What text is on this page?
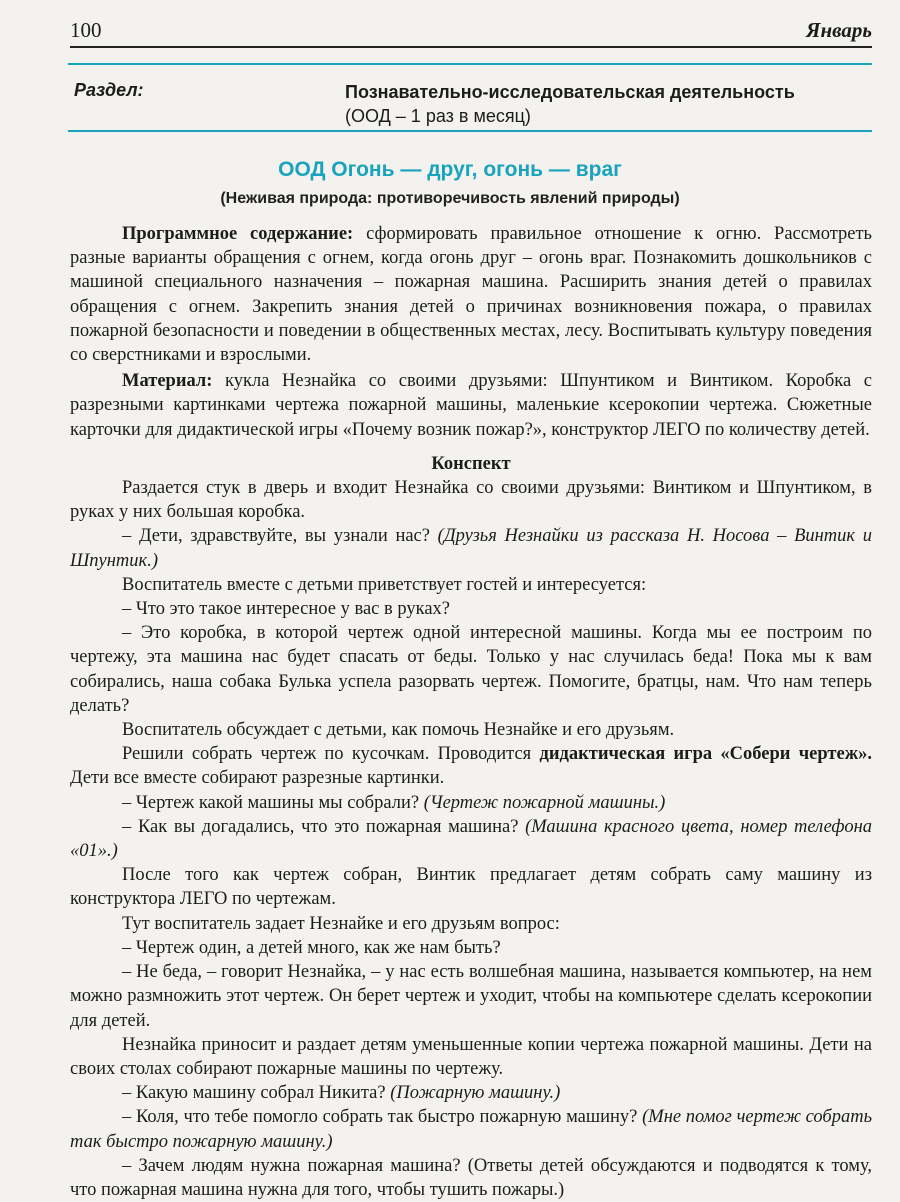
100	Январь
Раздел:	Познавательно-исследовательская деятельность
(ООД – 1 раз в месяц)
ООД Огонь — друг, огонь — враг
(Неживая природа: противоречивость явлений природы)

Программное содержание: сформировать правильное отношение к огню. Рассмотреть разные варианты обращения с огнем, когда огонь друг – огонь враг. Познакомить дошкольников с машиной специального назначения – пожарная машина. Расширить знания детей о правилах обращения с огнем. Закрепить знания детей о причинах возникновения пожара, о правилах пожарной безопасности и поведении в общественных местах, лесу. Воспитывать культуру поведения со сверстниками и взрослыми.

Материал: кукла Незнайка со своими друзьями: Шпунтиком и Винтиком. Коробка с разрезными картинками чертежа пожарной машины, маленькие ксерокопии чертежа. Сюжетные карточки для дидактической игры «Почему возник пожар?», конструктор ЛЕГО по количеству детей.

Конспект

Раздается стук в дверь и входит Незнайка со своими друзьями: Винтиком и Шпунтиком, в руках у них большая коробка.

– Дети, здравствуйте, вы узнали нас? (Друзья Незнайки из рассказа Н. Носова – Винтик и Шпунтик.)

Воспитатель вместе с детьми приветствует гостей и интересуется:

– Что это такое интересное у вас в руках?

– Это коробка, в которой чертеж одной интересной машины. Когда мы ее построим по чертежу, эта машина нас будет спасать от беды. Только у нас случилась беда! Пока мы к вам собирались, наша собака Булька успела разорвать чертеж. Помогите, братцы, нам. Что нам теперь делать?

Воспитатель обсуждает с детьми, как помочь Незнайке и его друзьям.

Решили собрать чертеж по кусочкам. Проводится дидактическая игра «Собери чертеж». Дети все вместе собирают разрезные картинки.

– Чертеж какой машины мы собрали? (Чертеж пожарной машины.)

– Как вы догадались, что это пожарная машина? (Машина красного цвета, номер телефона «01».)

После того как чертеж собран, Винтик предлагает детям собрать саму машину из конструктора ЛЕГО по чертежам.

Тут воспитатель задает Незнайке и его друзьям вопрос:

– Чертеж один, а детей много, как же нам быть?

– Не беда, – говорит Незнайка, – у нас есть волшебная машина, называется компьютер, на нем можно размножить этот чертеж. Он берет чертеж и уходит, чтобы на компьютере сделать ксерокопии для детей.

Незнайка приносит и раздает детям уменьшенные копии чертежа пожарной машины. Дети на своих столах собирают пожарные машины по чертежу.

– Какую машину собрал Никита? (Пожарную машину.)

– Коля, что тебе помогло собрать так быстро пожарную машину? (Мне помог чертеж собрать так быстро пожарную машину.)

– Зачем людям нужна пожарная машина? (Ответы детей обсуждаются и подводятся к тому, что пожарная машина нужна для того, чтобы тушить пожары.)
